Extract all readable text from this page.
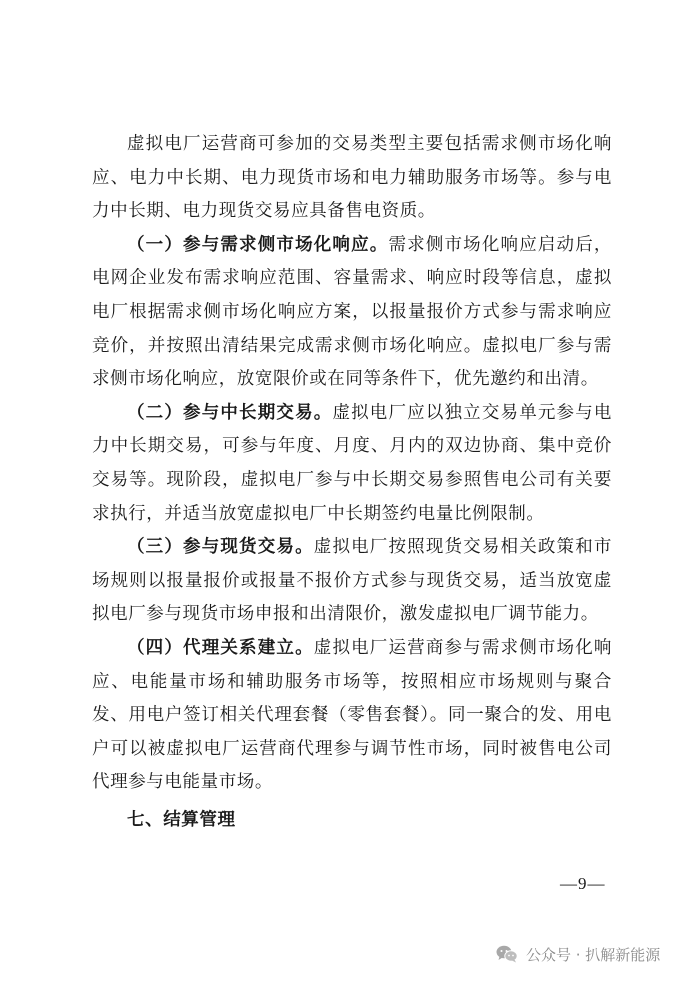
虚拟电厂运营商可参加的交易类型主要包括需求侧市场化响应、电力中长期、电力现货市场和电力辅助服务市场等。参与电力中长期、电力现货交易应具备售电资质。

（一）参与需求侧市场化响应。需求侧市场化响应启动后，电网企业发布需求响应范围、容量需求、响应时段等信息，虚拟电厂根据需求侧市场化响应方案，以报量报价方式参与需求响应竞价，并按照出清结果完成需求侧市场化响应。虚拟电厂参与需求侧市场化响应，放宽限价或在同等条件下，优先邀约和出清。

（二）参与中长期交易。虚拟电厂应以独立交易单元参与电力中长期交易，可参与年度、月度、月内的双边协商、集中竞价交易等。现阶段，虚拟电厂参与中长期交易参照售电公司有关要求执行，并适当放宽虚拟电厂中长期签约电量比例限制。

（三）参与现货交易。虚拟电厂按照现货交易相关政策和市场规则以报量报价或报量不报价方式参与现货交易，适当放宽虚拟电厂参与现货市场申报和出清限价，激发虚拟电厂调节能力。

（四）代理关系建立。虚拟电厂运营商参与需求侧市场化响应、电能量市场和辅助服务市场等，按照相应市场规则与聚合发、用电户签订相关代理套餐（零售套餐）。同一聚合的发、用电户可以被虚拟电厂运营商代理参与调节性市场，同时被售电公司代理参与电能量市场。

七、结算管理

—9—
公众号 · 扒解新能源
